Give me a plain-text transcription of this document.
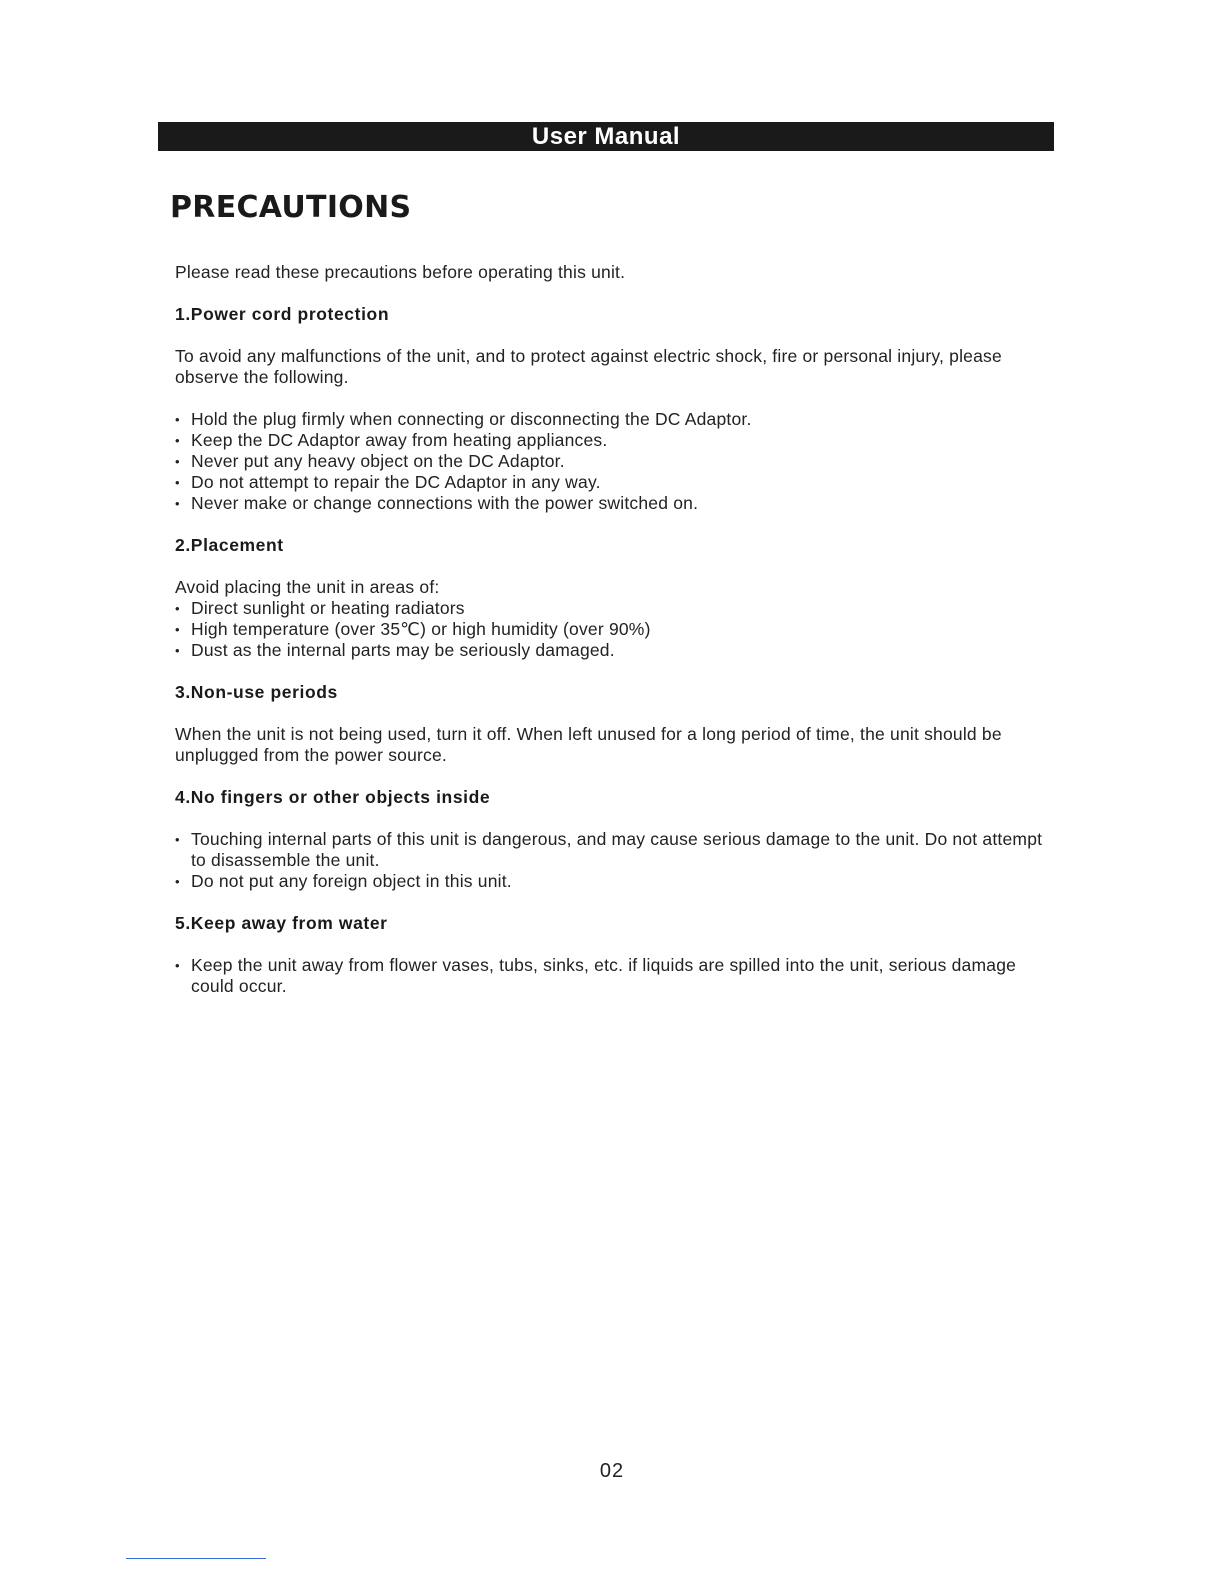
User Manual
PRECAUTIONS

Please read these precautions before operating this unit.

1.Power cord protection

To avoid any malfunctions of the unit, and to protect against electric shock, fire or personal injury, please observe the following.

• Hold the plug firmly when connecting or disconnecting the DC Adaptor.
• Keep the DC Adaptor away from heating appliances.
• Never put any heavy object on the DC Adaptor.
• Do not attempt to repair the DC Adaptor in any way.
• Never make or change connections with the power switched on.

2.Placement

Avoid placing the unit in areas of:

• Direct sunlight or heating radiators
• High temperature (over 35℃) or high humidity (over 90%)
• Dust as the internal parts may be seriously damaged.

3.Non-use periods

When the unit is not being used, turn it off. When left unused for a long period of time, the unit should be unplugged from the power source.

4.No fingers or other objects inside

• Touching internal parts of this unit is dangerous, and may cause serious damage to the unit. Do not attempt to disassemble the unit.
• Do not put any foreign object in this unit.

5.Keep away from water

• Keep the unit away from flower vases, tubs, sinks, etc. if liquids are spilled into the unit, serious damage could occur.
02
